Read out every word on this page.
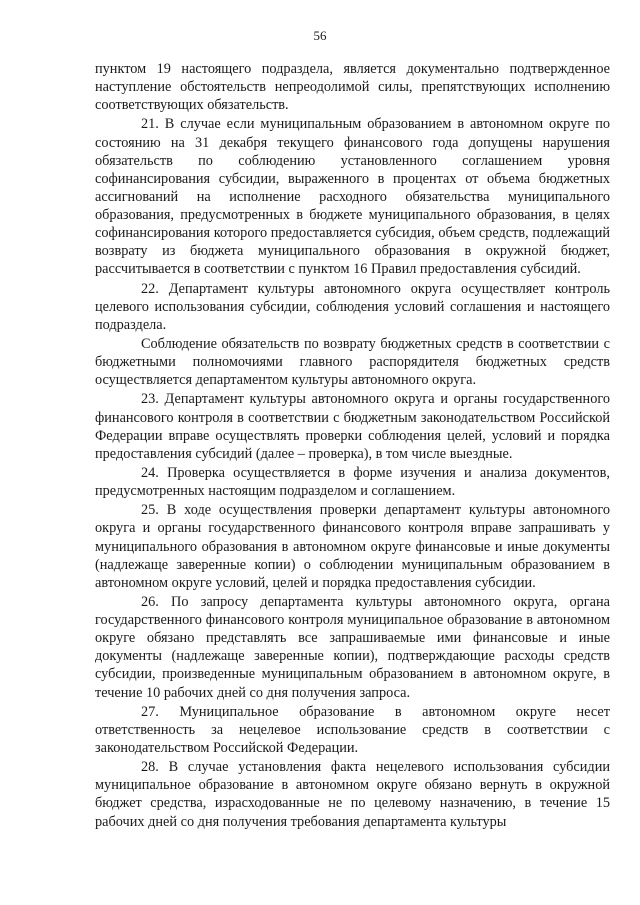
56

пунктом 19 настоящего подраздела, является документально подтвержденное наступление обстоятельств непреодолимой силы, препятствующих исполнению соответствующих обязательств.

21. В случае если муниципальным образованием в автономном округе по состоянию на 31 декабря текущего финансового года допущены нарушения обязательств по соблюдению установленного соглашением уровня софинансирования субсидии, выраженного в процентах от объема бюджетных ассигнований на исполнение расходного обязательства муниципального образования, предусмотренных в бюджете муниципального образования, в целях софинансирования которого предоставляется субсидия, объем средств, подлежащий возврату из бюджета муниципального образования в окружной бюджет, рассчитывается в соответствии с пунктом 16 Правил предоставления субсидий.

22. Департамент культуры автономного округа осуществляет контроль целевого использования субсидии, соблюдения условий соглашения и настоящего подраздела.

Соблюдение обязательств по возврату бюджетных средств в соответствии с бюджетными полномочиями главного распорядителя бюджетных средств осуществляется департаментом культуры автономного округа.

23. Департамент культуры автономного округа и органы государственного финансового контроля в соответствии с бюджетным законодательством Российской Федерации вправе осуществлять проверки соблюдения целей, условий и порядка предоставления субсидий (далее – проверка), в том числе выездные.

24. Проверка осуществляется в форме изучения и анализа документов, предусмотренных настоящим подразделом и соглашением.

25. В ходе осуществления проверки департамент культуры автономного округа и органы государственного финансового контроля вправе запрашивать у муниципального образования в автономном округе финансовые и иные документы (надлежаще заверенные копии) о соблюдении муниципальным образованием в автономном округе условий, целей и порядка предоставления субсидии.

26. По запросу департамента культуры автономного округа, органа государственного финансового контроля муниципальное образование в автономном округе обязано представлять все запрашиваемые ими финансовые и иные документы (надлежаще заверенные копии), подтверждающие расходы средств субсидии, произведенные муниципальным образованием в автономном округе, в течение 10 рабочих дней со дня получения запроса.

27. Муниципальное образование в автономном округе несет ответственность за нецелевое использование средств в соответствии с законодательством Российской Федерации.

28. В случае установления факта нецелевого использования субсидии муниципальное образование в автономном округе обязано вернуть в окружной бюджет средства, израсходованные не по целевому назначению, в течение 15 рабочих дней со дня получения требования департамента культуры
